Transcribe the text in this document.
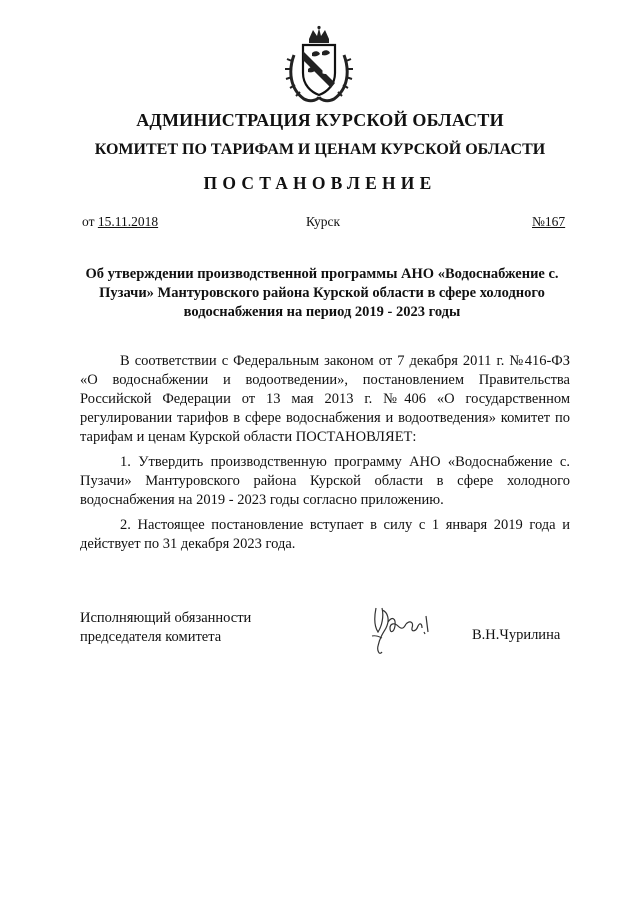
АДМИНИСТРАЦИЯ КУРСКОЙ ОБЛАСТИ
КОМИТЕТ ПО ТАРИФАМ И ЦЕНАМ КУРСКОЙ ОБЛАСТИ
ПОСТАНОВЛЕНИЕ
от 15.11.2018	Курск	№167

Об утверждении производственной программы АНО «Водоснабжение с. Пузачи» Мантуровского района Курской области в сфере холодного водоснабжения на период 2019 - 2023 годы

В соответствии с Федеральным законом от 7 декабря 2011 г. №416-ФЗ «О водоснабжении и водоотведении», постановлением Правительства Российской Федерации от 13 мая 2013 г. №406 «О государственном регулировании тарифов в сфере водоснабжения и водоотведения» комитет по тарифам и ценам Курской области ПОСТАНОВЛЯЕТ:

1. Утвердить производственную программу АНО «Водоснабжение с. Пузачи» Мантуровского района Курской области в сфере холодного водоснабжения на 2019 - 2023 годы согласно приложению.

2. Настоящее постановление вступает в силу с 1 января 2019 года и действует по 31 декабря 2023 года.

Исполняющий обязанности
председателя комитета	В.Н.Чурилина
